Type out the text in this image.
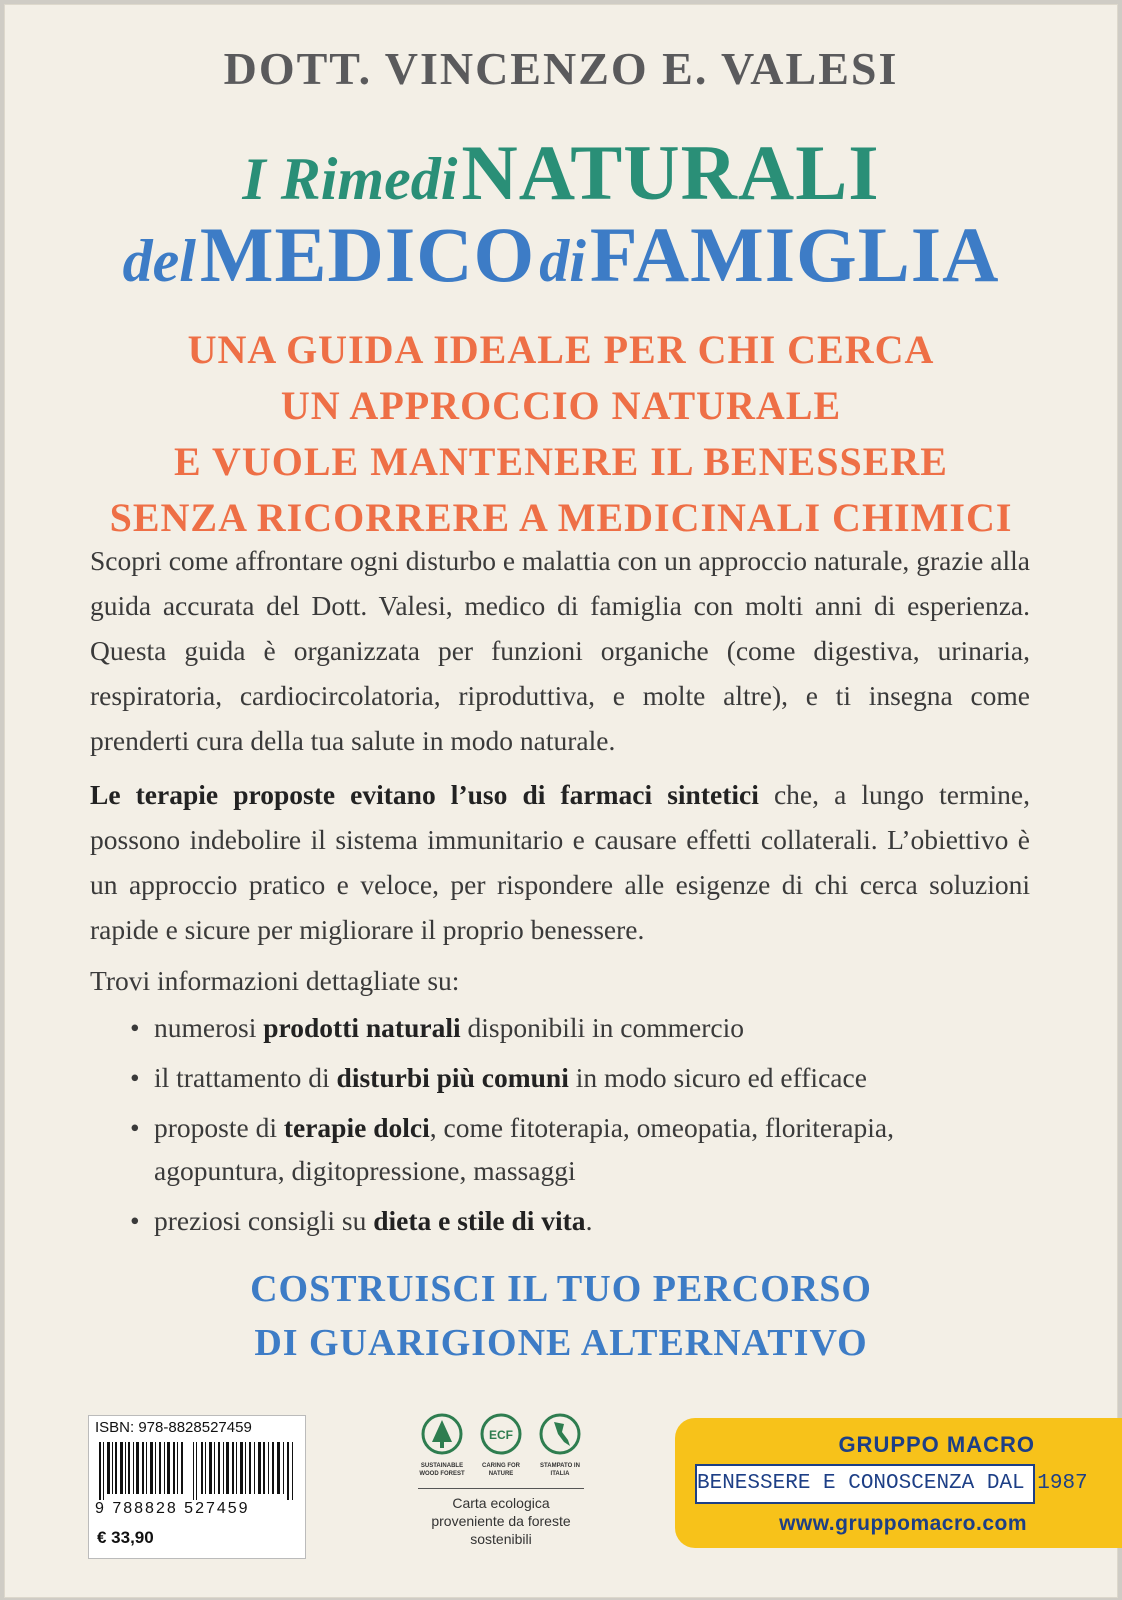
DOTT. VINCENZO E. VALESI
I Rimedi NATURALI
del MEDICO di FAMIGLIA
UNA GUIDA IDEALE PER CHI CERCA
UN APPROCCIO NATURALE
E VUOLE MANTENERE IL BENESSERE
SENZA RICORRERE A MEDICINALI CHIMICI
Scopri come affrontare ogni disturbo e malattia con un approccio naturale, grazie alla guida accurata del Dott. Valesi, medico di famiglia con molti anni di esperienza. Questa guida è organizzata per funzioni organiche (come digestiva, urinaria, respiratoria, cardiocircolatoria, riproduttiva, e molte altre), e ti insegna come prenderti cura della tua salute in modo naturale.
Le terapie proposte evitano l’uso di farmaci sintetici che, a lungo termine, possono indebolire il sistema immunitario e causare effetti collaterali. L’obiettivo è un approccio pratico e veloce, per rispondere alle esigenze di chi cerca soluzioni rapide e sicure per migliorare il proprio benessere.
Trovi informazioni dettagliate su:
• numerosi prodotti naturali disponibili in commercio
• il trattamento di disturbi più comuni in modo sicuro ed efficace
• proposte di terapie dolci, come fitoterapia, omeopatia, floriterapia, agopuntura, digitopressione, massaggi
• preziosi consigli su dieta e stile di vita.
COSTRUISCI IL TUO PERCORSO
DI GUARIGIONE ALTERNATIVO
ISBN: 978-8828527459
9 788828 527459
€ 33,90
ECF
SUSTAINABLE WOOD FOREST
CARING FOR NATURE
STAMPATO IN ITALIA
Carta ecologica proveniente da foreste sostenibili
GRUPPO MACRO
BENESSERE E CONOSCENZA DAL 1987
www.gruppomacro.com
